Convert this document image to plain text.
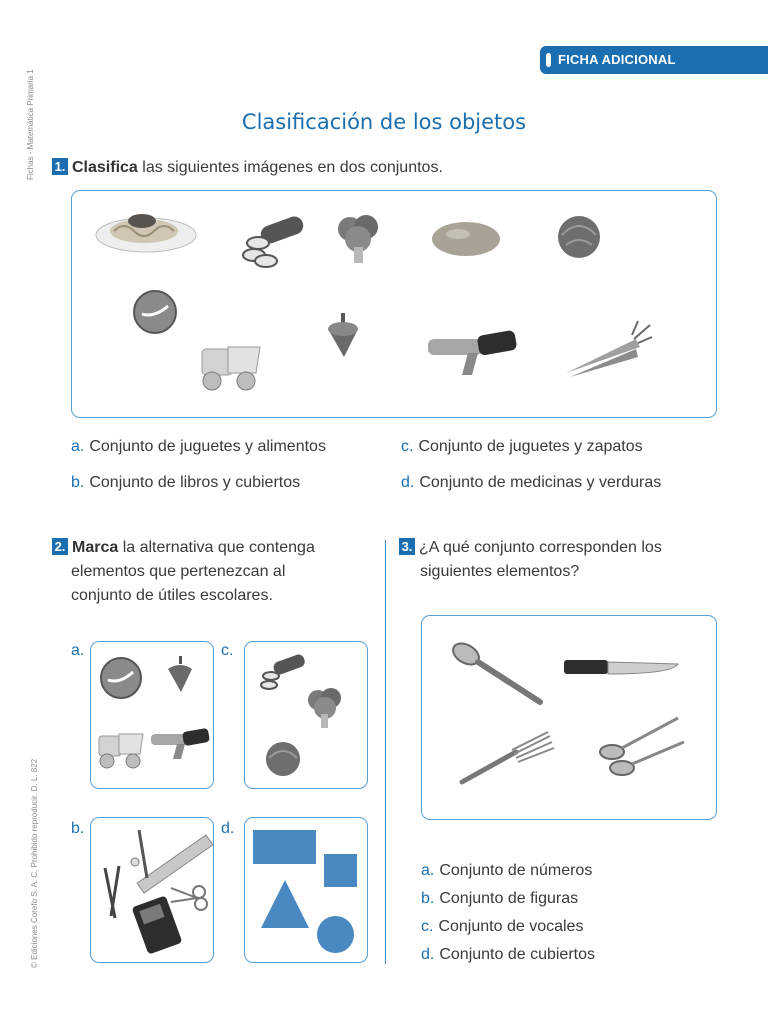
Fichas - Matemática Primaria 1
© Ediciones Corefo S. A. C. Prohibido reproducir. D. L. 822
FICHA ADICIONAL
Clasificación de los objetos
1. Clasifica las siguientes imágenes en dos conjuntos.
a. Conjunto de juguetes y alimentos
b. Conjunto de libros y cubiertos
c. Conjunto de juguetes y zapatos
d. Conjunto de medicinas y verduras
2. Marca la alternativa que contenga
elementos que pertenezcan al
conjunto de útiles escolares.
a.	c.
b.	d.
3. ¿A qué conjunto corresponden los
siguientes elementos?
a. Conjunto de números
b. Conjunto de figuras
c. Conjunto de vocales
d. Conjunto de cubiertos
